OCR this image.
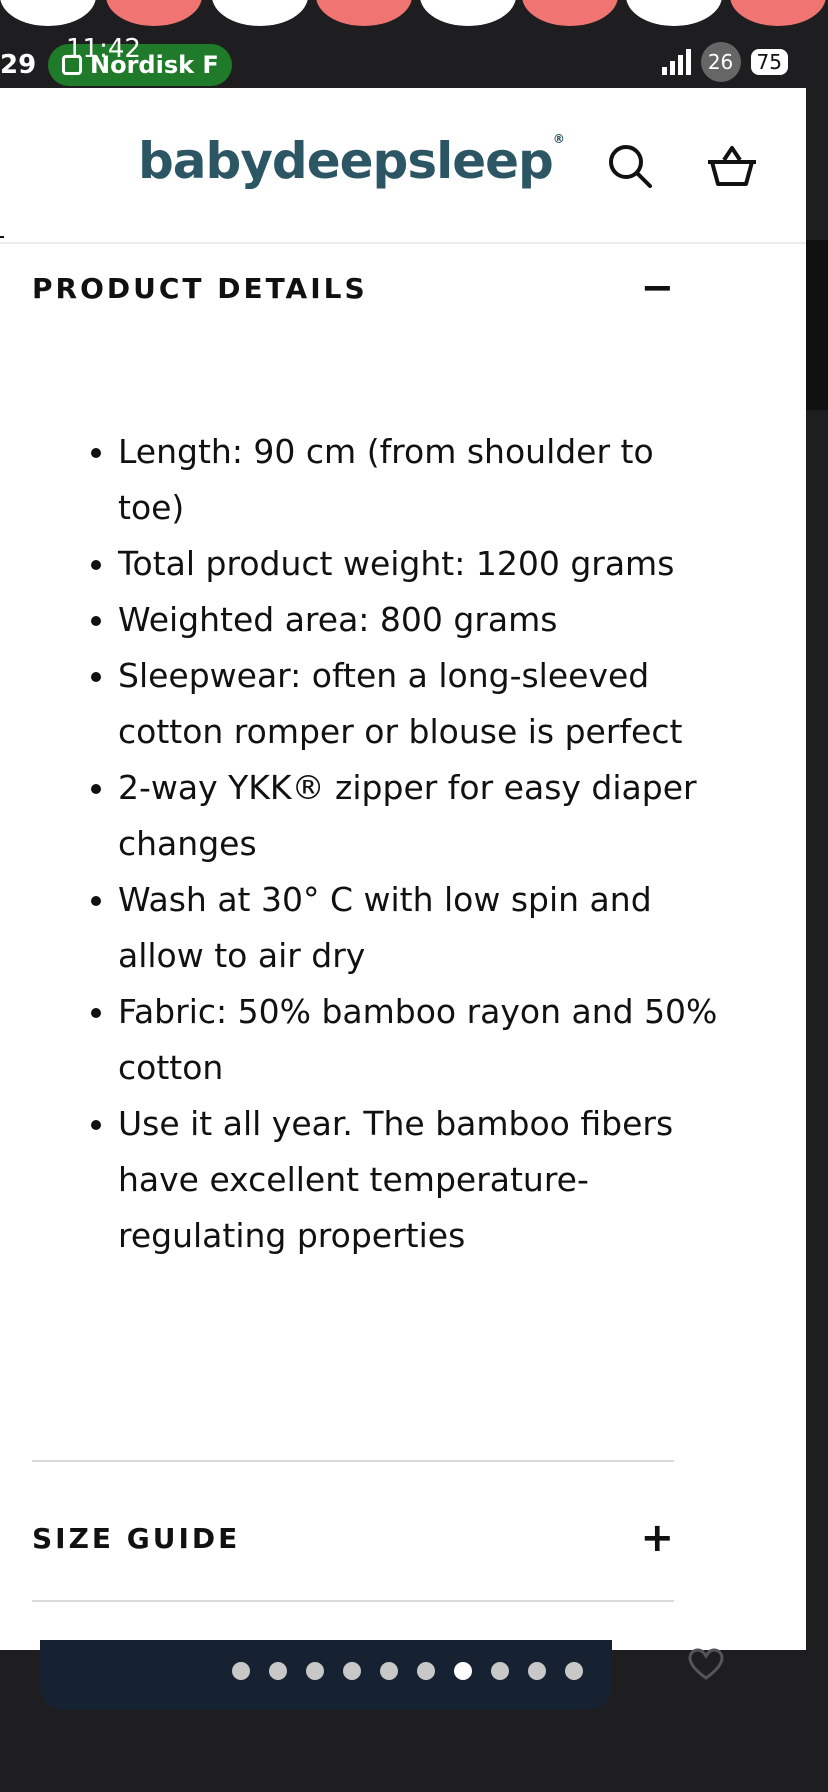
29 Nordisk F
11:42	26	75
babydeepsleep®
PRODUCT DETAILS	−
• Length: 90 cm (from shoulder to toe)
• Total product weight: 1200 grams
• Weighted area: 800 grams
• Sleepwear: often a long-sleeved cotton romper or blouse is perfect
• 2-way YKK® zipper for easy diaper changes
• Wash at 30° C with low spin and allow to air dry
• Fabric: 50% bamboo rayon and 50% cotton
• Use it all year. The bamboo fibers have excellent temperature-regulating properties
SIZE GUIDE	+
